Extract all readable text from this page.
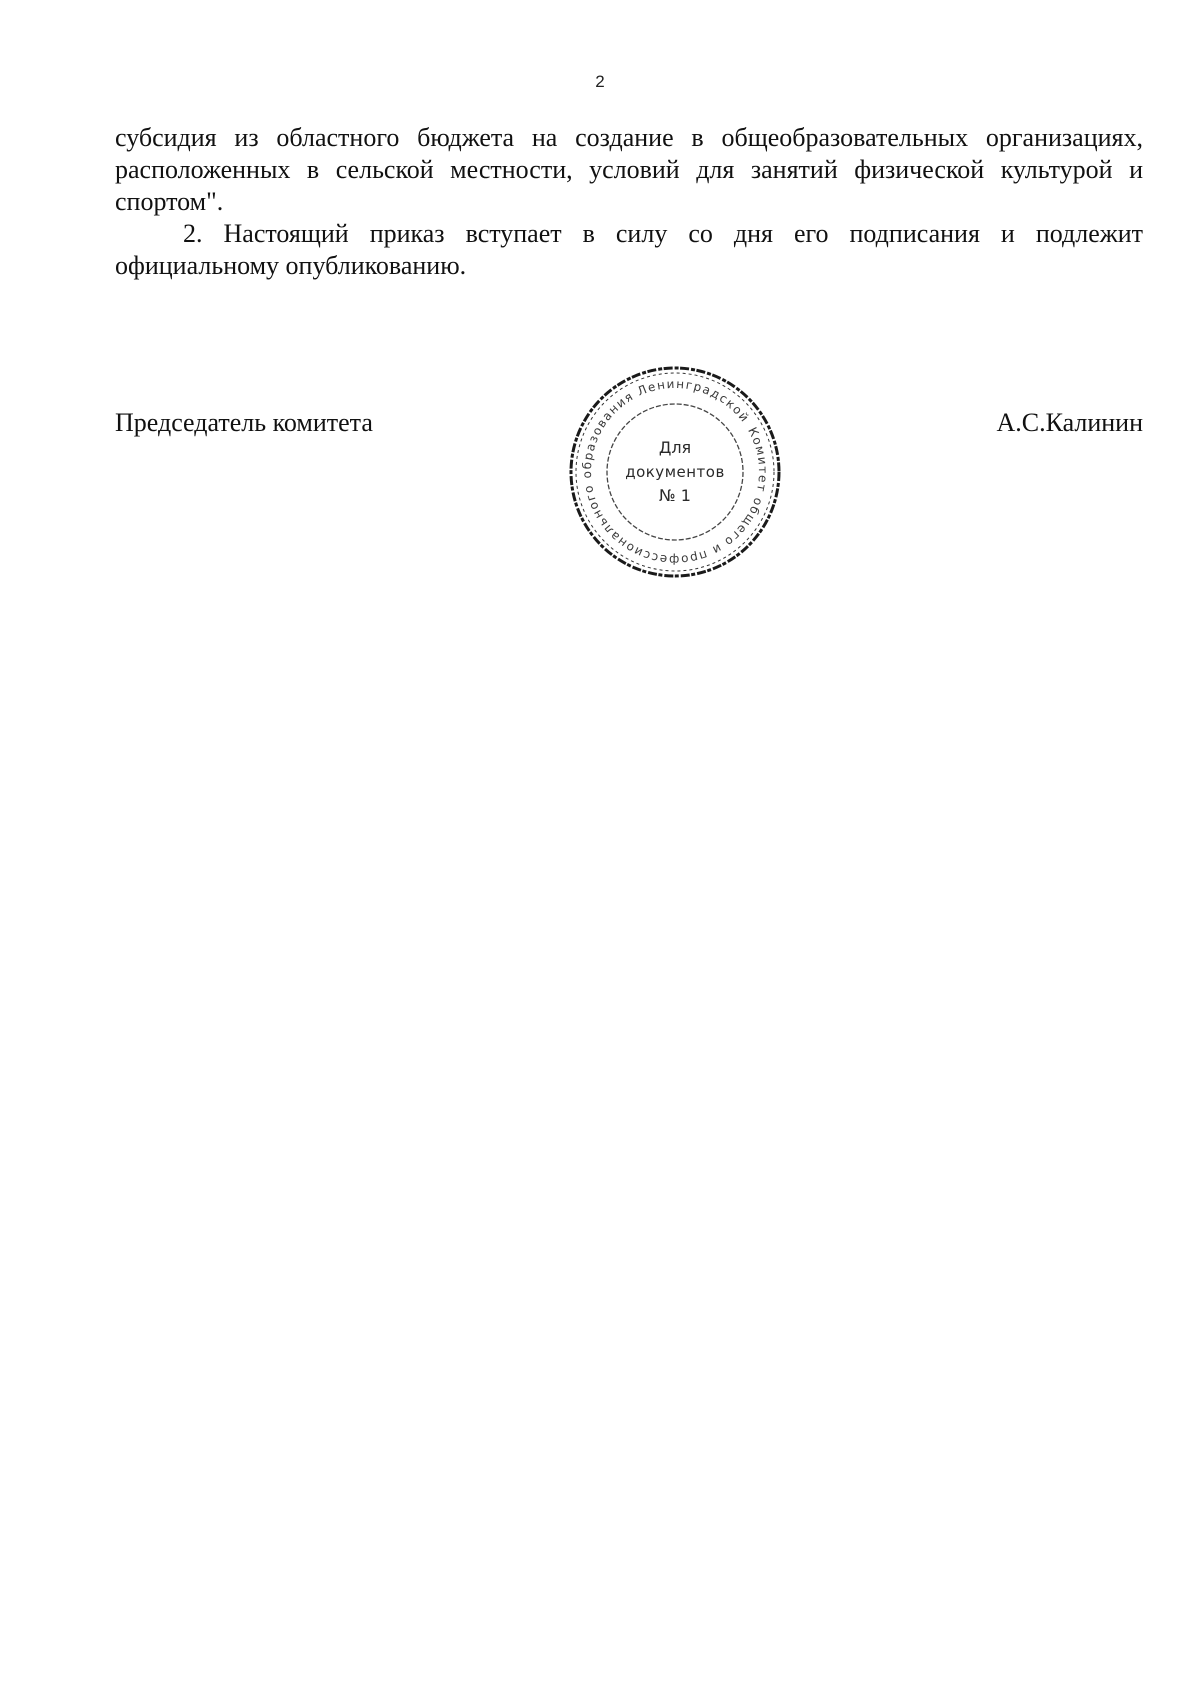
2

субсидия из областного бюджета на создание в общеобразовательных организациях, расположенных в сельской местности, условий для занятий физической культурой и спортом".

2. Настоящий приказ вступает в силу со дня его подписания и подлежит официальному опубликованию.

Председатель комитета	А.С.Калинин
Комитет общего и профессионального образования Ленинградской
Для
документов
№ 1
